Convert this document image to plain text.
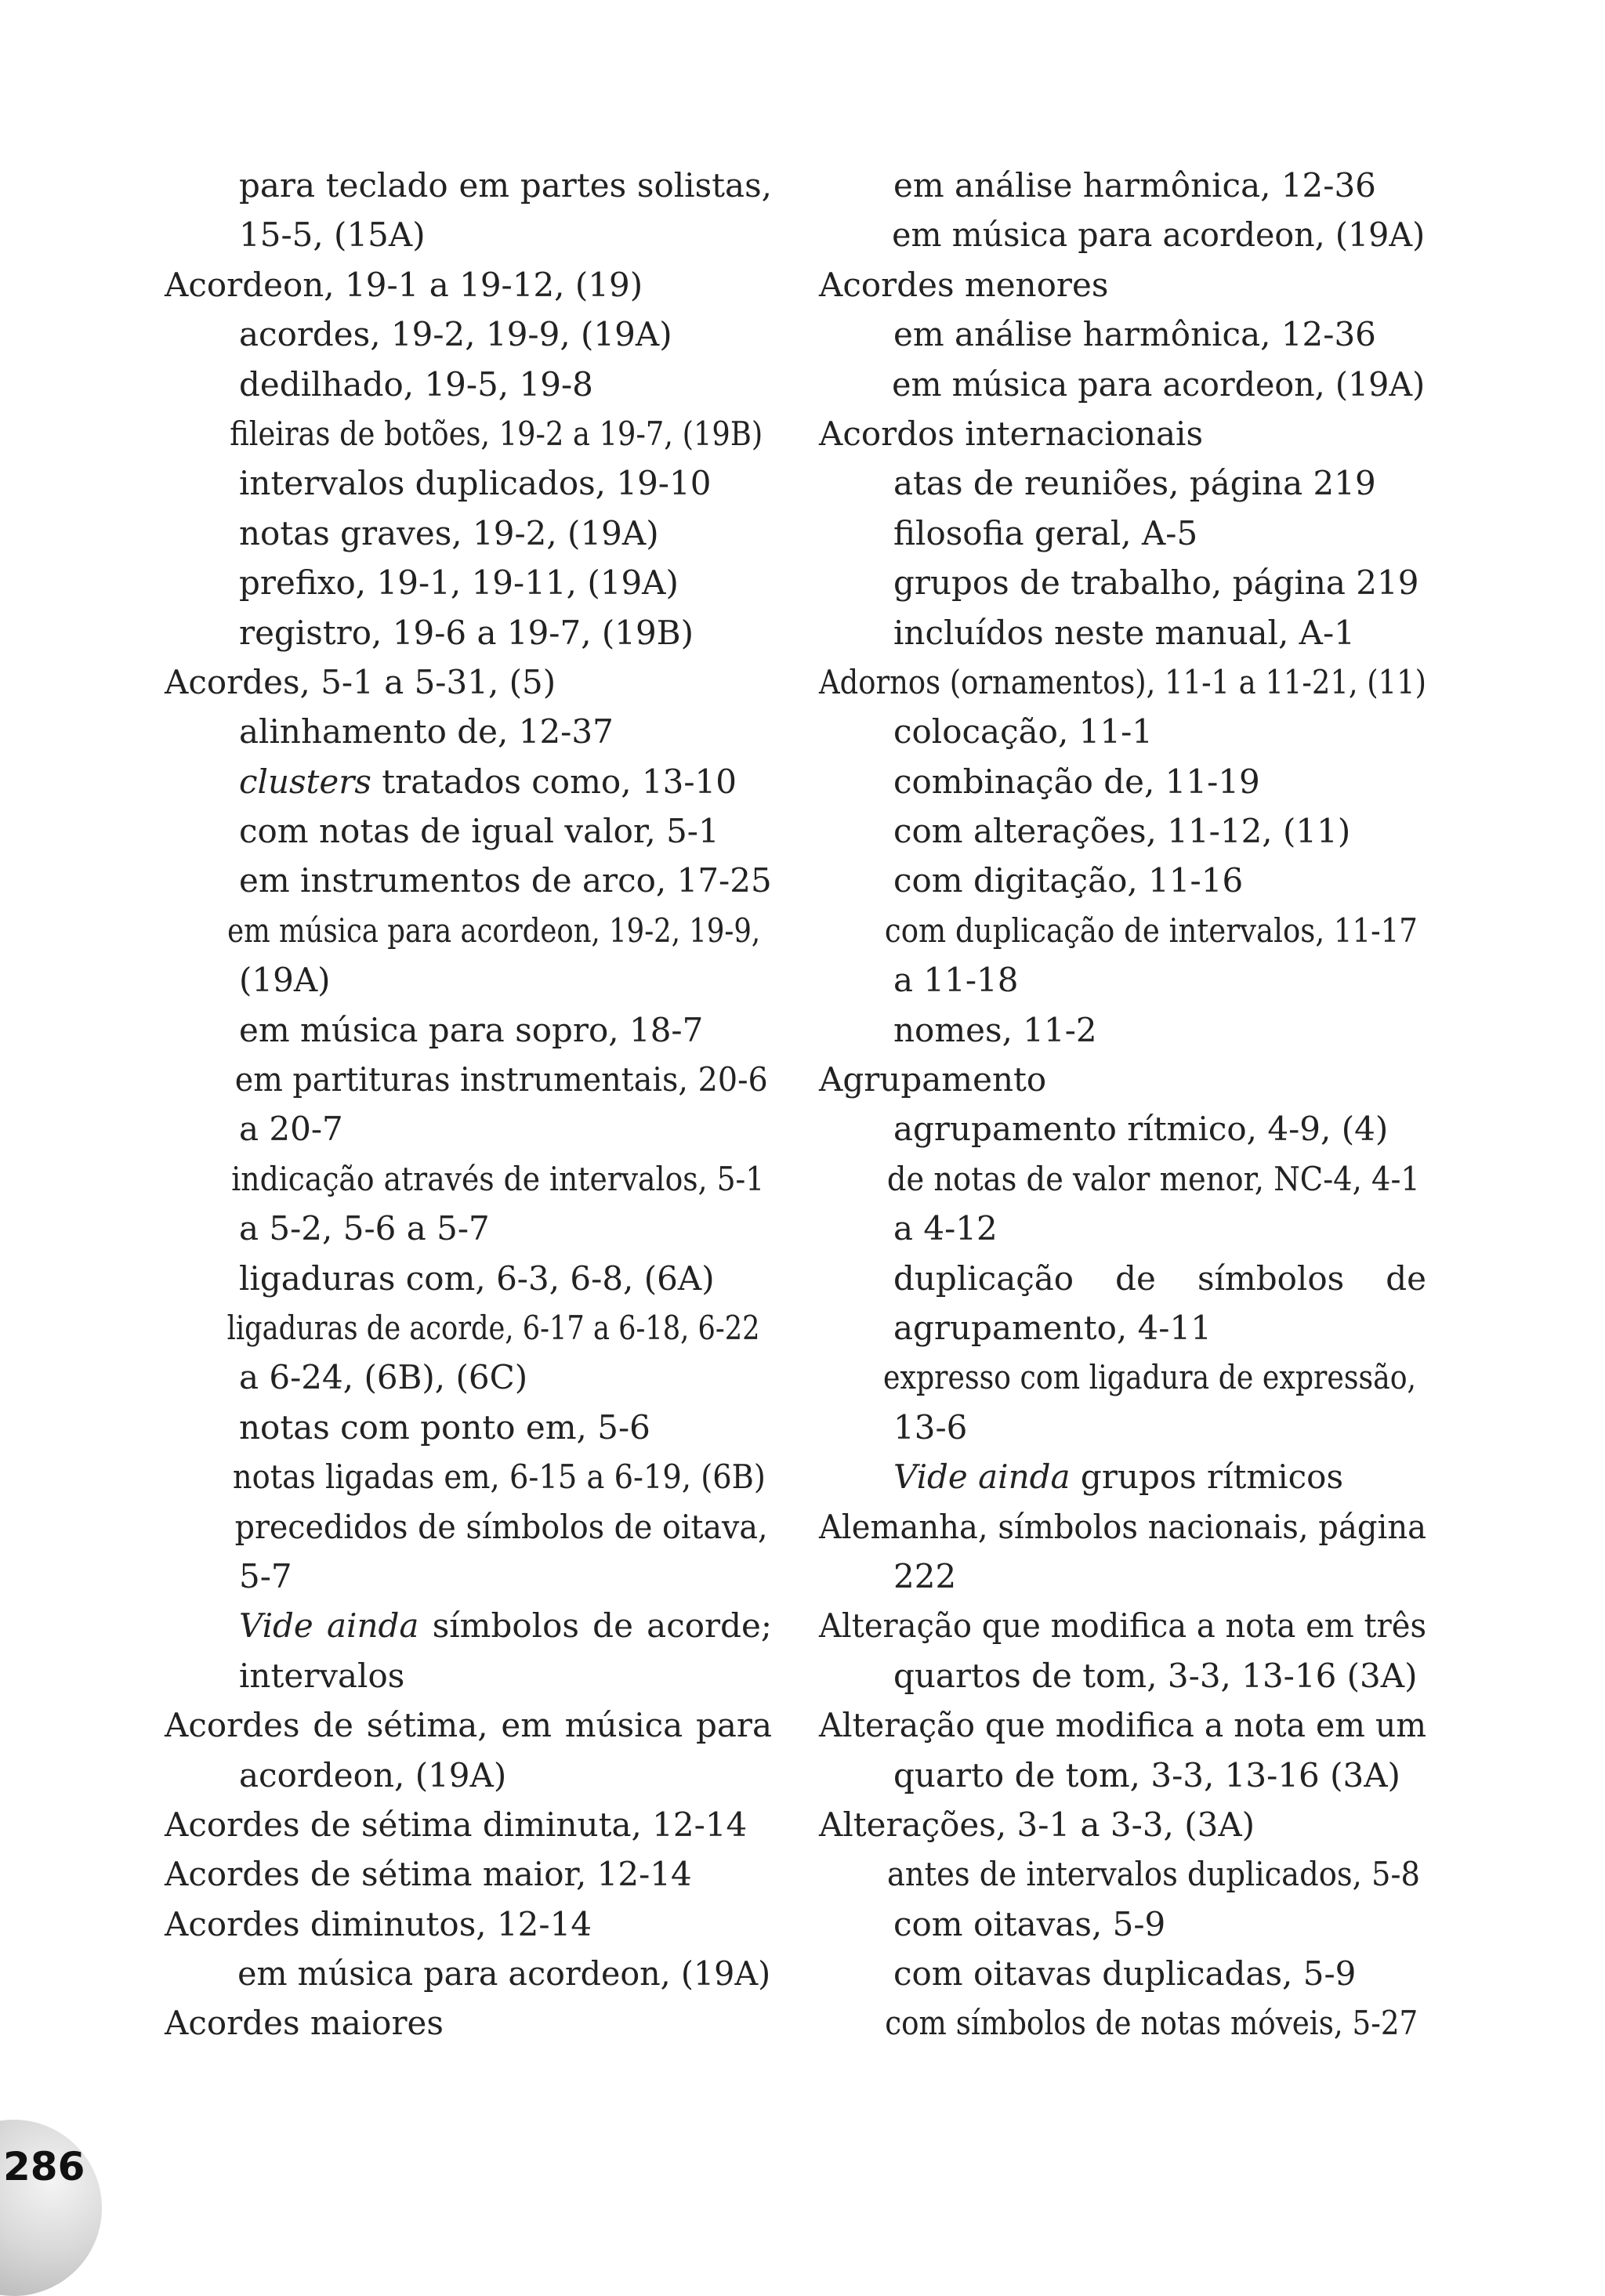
para teclado em partes solistas,
15-5, (15A)
Acordeon, 19-1 a 19-12, (19)
acordes, 19-2, 19-9, (19A)
dedilhado, 19-5, 19-8
fileiras de botões, 19-2 a 19-7, (19B)
intervalos duplicados, 19-10
notas graves, 19-2, (19A)
prefixo, 19-1, 19-11, (19A)
registro, 19-6 a 19-7, (19B)
Acordes, 5-1 a 5-31, (5)
alinhamento de, 12-37
clusters tratados como, 13-10
com notas de igual valor, 5-1
em instrumentos de arco, 17-25
em música para acordeon, 19-2, 19-9,
(19A)
em música para sopro, 18-7
em partituras instrumentais, 20-6
a 20-7
indicação através de intervalos, 5-1
a 5-2, 5-6 a 5-7
ligaduras com, 6-3, 6-8, (6A)
ligaduras de acorde, 6-17 a 6-18, 6-22
a 6-24, (6B), (6C)
notas com ponto em, 5-6
notas ligadas em, 6-15 a 6-19, (6B)
precedidos de símbolos de oitava,
5-7
Vide ainda símbolos de acorde;
intervalos
Acordes de sétima, em música para
acordeon, (19A)
Acordes de sétima diminuta, 12-14
Acordes de sétima maior, 12-14
Acordes diminutos, 12-14
em música para acordeon, (19A)
Acordes maiores
em análise harmônica, 12-36
em música para acordeon, (19A)
Acordes menores
em análise harmônica, 12-36
em música para acordeon, (19A)
Acordos internacionais
atas de reuniões, página 219
filosofia geral, A-5
grupos de trabalho, página 219
incluídos neste manual, A-1
Adornos (ornamentos), 11-1 a 11-21, (11)
colocação, 11-1
combinação de, 11-19
com alterações, 11-12, (11)
com digitação, 11-16
com duplicação de intervalos, 11-17
a 11-18
nomes, 11-2
Agrupamento
agrupamento rítmico, 4-9, (4)
de notas de valor menor, NC-4, 4-1
a 4-12
duplicação de símbolos de
agrupamento, 4-11
expresso com ligadura de expressão,
13-6
Vide ainda grupos rítmicos
Alemanha, símbolos nacionais, página
222
Alteração que modifica a nota em três
quartos de tom, 3-3, 13-16 (3A)
Alteração que modifica a nota em um
quarto de tom, 3-3, 13-16 (3A)
Alterações, 3-1 a 3-3, (3A)
antes de intervalos duplicados, 5-8
com oitavas, 5-9
com oitavas duplicadas, 5-9
com símbolos de notas móveis, 5-27
286
